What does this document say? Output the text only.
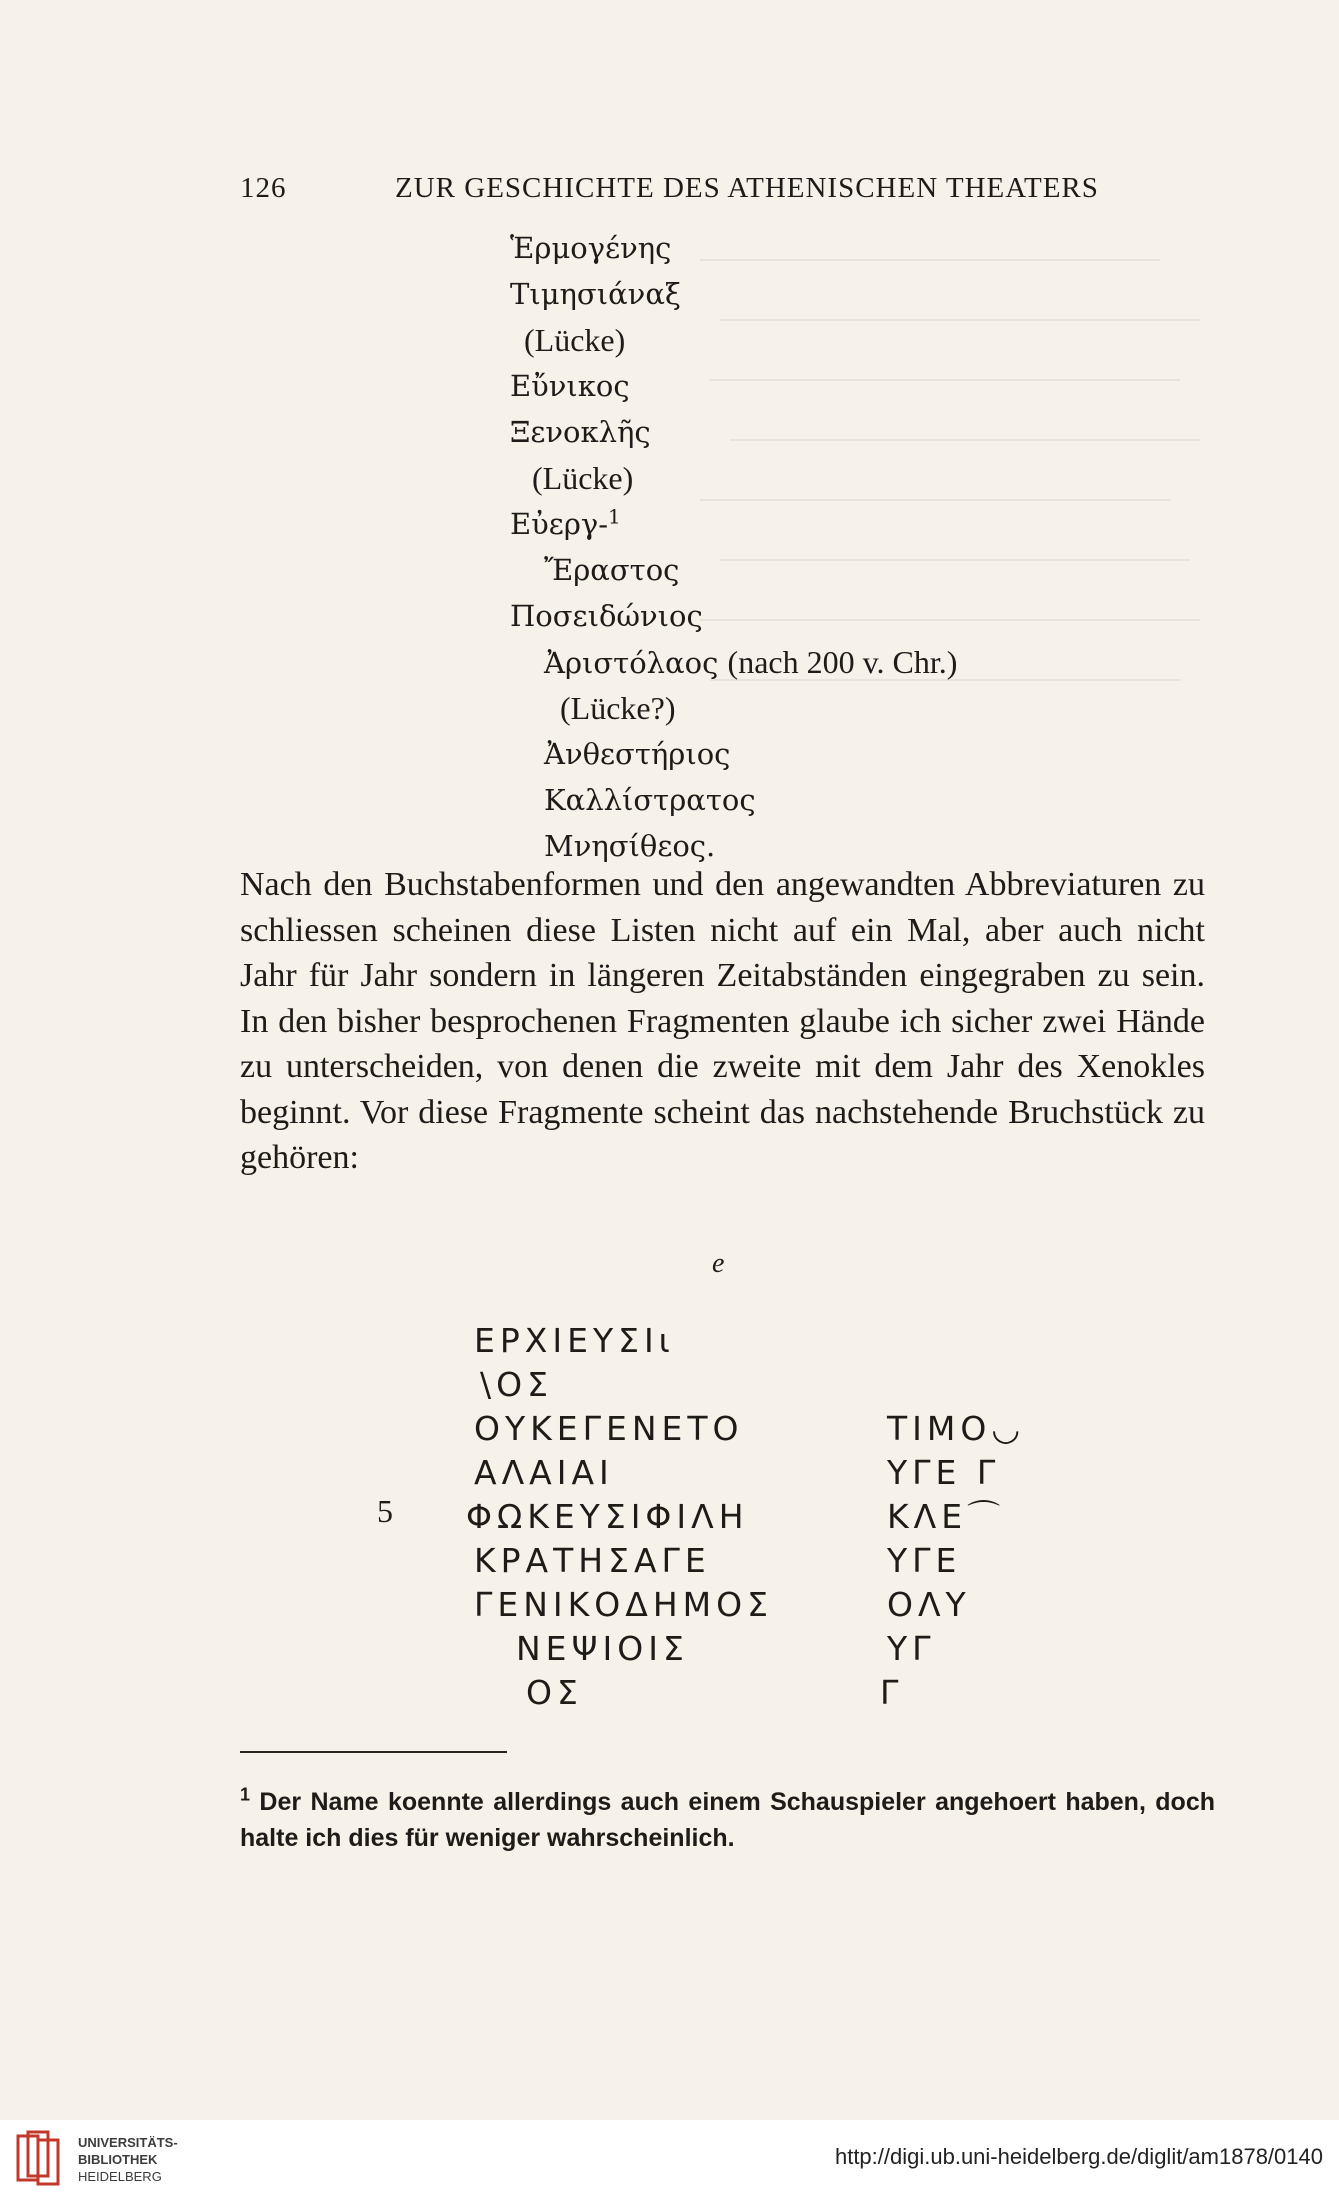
126	ZUR GESCHICHTE DES ATHENISCHEN THEATERS
Ἑρμογένης
Τιμησιάναξ
(Lücke)
Εὔνικος
Ξενοκλῆς
(Lücke)
Εὐεργ-$^1$
Ἔραστος
Ποσειδώνιος
Ἀριστόλαος (nach 200 v. Chr.)
(Lücke?)
Ἀνθεστήριος
Καλλίστρατος
Μνησίθεος.
Nach den Buchstabenformen und den angewandten Abbreviaturen zu schliessen scheinen diese Listen nicht auf ein Mal, aber auch nicht Jahr für Jahr sondern in längeren Zeitabständen eingegraben zu sein. In den bisher besprochenen Fragmenten glaube ich sicher zwei Hände zu unterscheiden, von denen die zweite mit dem Jahr des Xenokles beginnt. Vor diese Fragmente scheint das nachstehende Bruchstück zu gehören:
e
ΕΡΧΙΕΥΣΙι
\ΟΣ
ΟΥΚΕΓΕΝΕΤΟ
ΑΛΑΙΑΙ
ΦΩΚΕΥΣΙΦΙΛΗ
ΚΡΑΤΗΣΑΓΕ
ΓΕΝΙΚΟΔΗΜΟΣ
ΝΕΨΙΟΙΣ
ΟΣ
ΤΙΜΟ◡
ΥΓΕ Γ
ΚΛΕ⌒
ΥΓΕ
ΟΛΥ
ΥΓ
Γ
5
$^1$ Der Name koennte allerdings auch einem Schauspieler angehoert haben, doch halte ich dies für weniger wahrscheinlich.
UNIVERSITÄTS-
BIBLIOTHEK
HEIDELBERG
http://digi.ub.uni-heidelberg.de/diglit/am1878/0140
